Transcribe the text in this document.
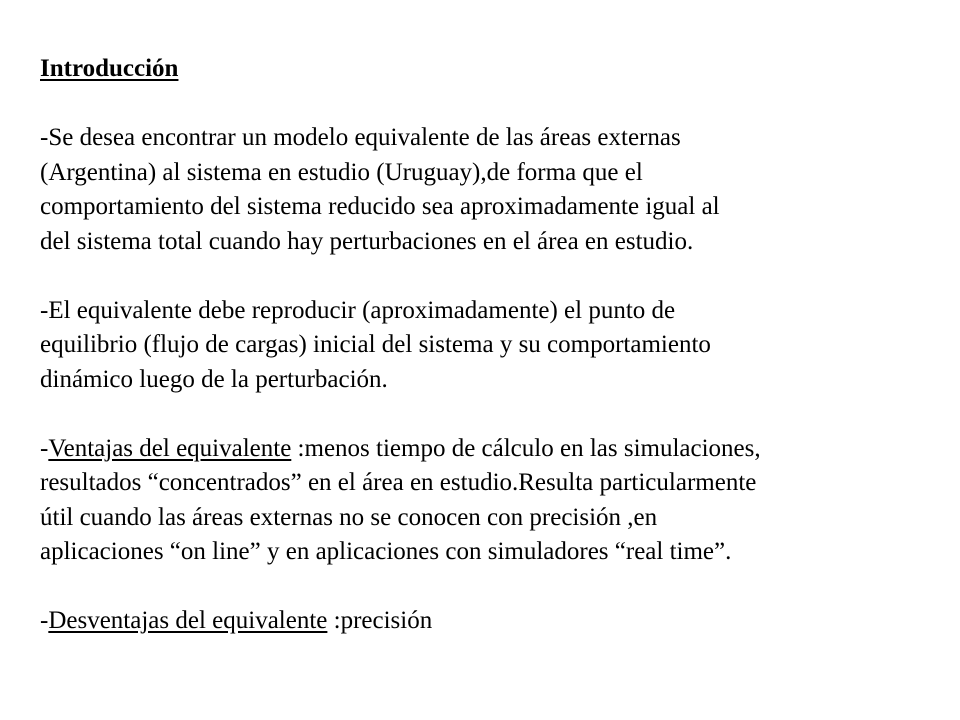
Introducción

-Se desea encontrar un modelo equivalente de las áreas externas
(Argentina) al sistema en estudio (Uruguay),de forma que el
comportamiento del sistema reducido sea aproximadamente igual al
del sistema total cuando hay perturbaciones en el área en estudio.

-El equivalente debe reproducir (aproximadamente) el punto de
equilibrio (flujo de cargas) inicial del sistema y su comportamiento
dinámico luego de la perturbación.

-Ventajas del equivalente :menos tiempo de cálculo en las simulaciones,
resultados “concentrados” en el área en estudio.Resulta particularmente
útil cuando las áreas externas no se conocen con precisión ,en
aplicaciones “on line” y en aplicaciones con simuladores “real time”.

-Desventajas del equivalente :precisión
